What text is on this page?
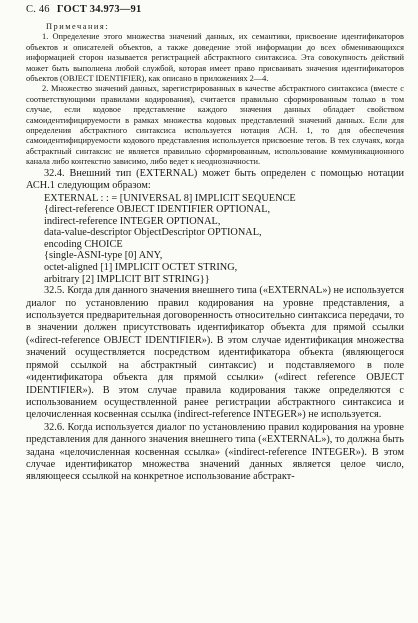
С. 46 ГОСТ 34.973—91

Примечания:

1. Определение этого множества значений данных, их семантики, присвоение идентификаторов объектов и описателей объектов, а также доведение этой информации до всех обменивающихся информацией сторон называется регистрацией абстрактного синтаксиса. Эта совокупность действий может быть выполнена любой службой, которая имеет право присваивать значения идентификаторов объектов (OBJECT IDENTIFIER), как описано в приложениях 2—4.

2. Множество значений данных, зарегистрированных в качестве абстрактного синтаксиса (вместе с соответствующими правилами кодирования), считается правильно сформированным только в том случае, если кодовое представление каждого значения данных обладает свойством самоидентифицируемости в рамках множества кодовых представлений значений данных. Если для определения абстрактного синтаксиса используется нотация АСН. 1, то для обеспечения самоидентифицируемости кодового представления используется присвоение тегов. В тех случаях, когда абстрактный синтаксис не является правильно сформированным, использование коммуникационного канала либо контекстно зависимо, либо ведет к неоднозначности.

32.4. Внешний тип (EXTERNAL) может быть определен с помощью нотации АСН.1 следующим образом:

EXTERNAL : : = [UNIVERSAL 8] IMPLICIT SEQUENCE
{direct-reference OBJECT IDENTIFIER OPTIONAL,
indirect-reference INTEGER OPTIONAL,
data-value-descriptor ObjectDescriptor OPTIONAL,
encoding CHOICE
{single-ASNI-type [0] ANY,
octet-aligned [1] IMPLICIT OCTET STRING,
arbitrary [2] IMPLICIT BIT STRING}}

32.5. Когда для данного значения внешнего типа («EXTERNAL») не используется диалог по установлению правил кодирования на уровне представления, а используется предварительная договоренность относительно синтаксиса передачи, то в значении должен присутствовать идентификатор объекта для прямой ссылки («direct-reference OBJECT IDENTIFIER»). В этом случае идентификация множества значений осуществляется посредством идентификатора объекта (являющегося прямой ссылкой на абстрактный синтаксис) и подставляемого в поле «идентификатора объекта для прямой ссылки» («direct reference OBJECT IDENTIFIER»). В этом случае правила кодирования также определяются с использованием осуществленной ранее регистрации абстрактного синтаксиса и целочисленная косвенная ссылка (indirect-reference INTEGER») не используется.

32.6. Когда используется диалог по установлению правил кодирования на уровне представления для данного значения внешнего типа («EXTERNAL»), то должна быть задана «целочисленная косвенная ссылка» («indirect-reference INTEGER»). В этом случае идентификатор множества значений данных является целое число, являющееся ссылкой на конкретное использование абстракт-
